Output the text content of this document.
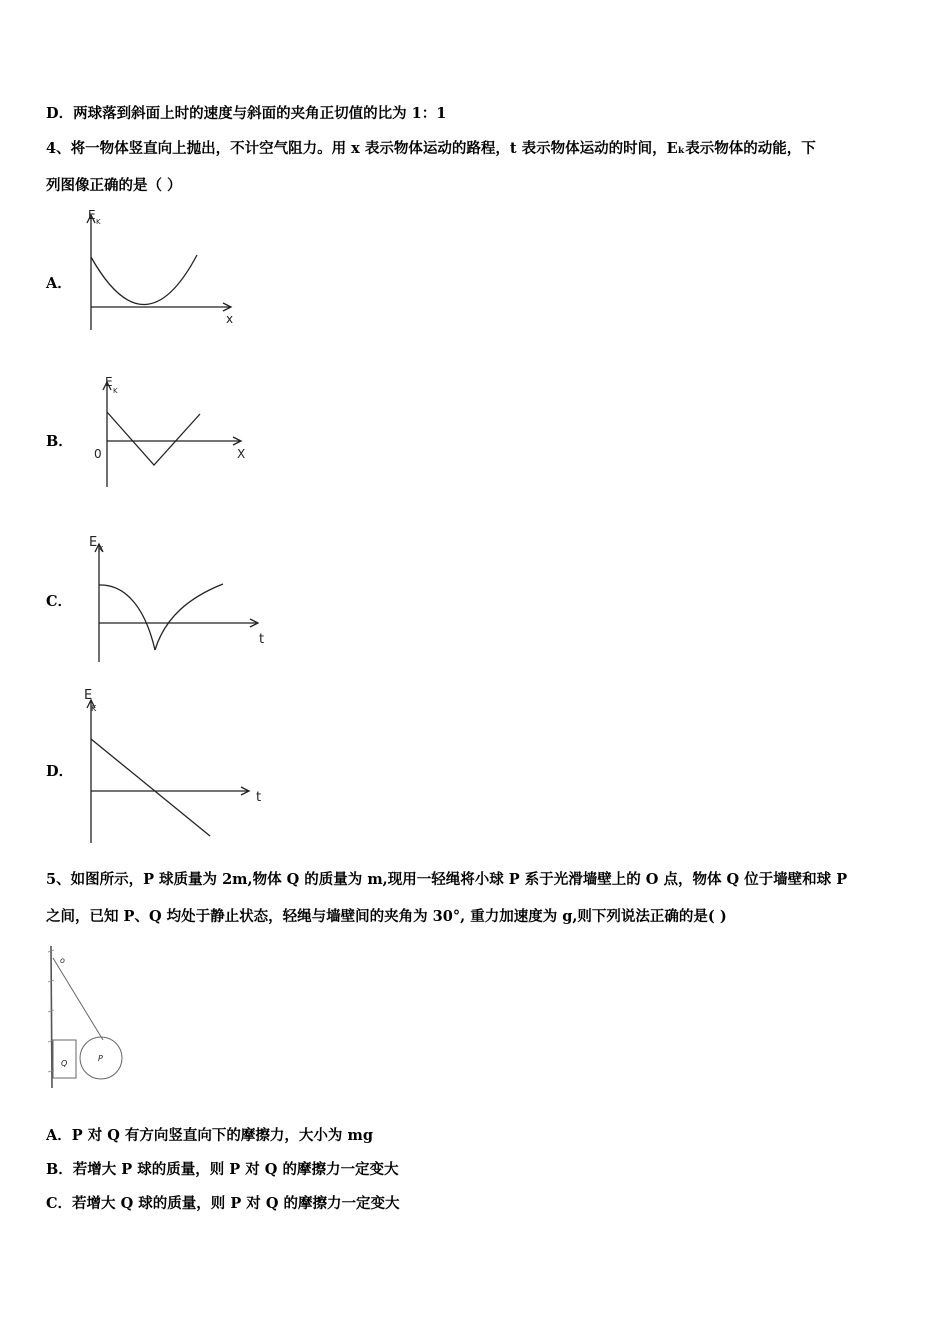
D．两球落到斜面上时的速度与斜面的夹角正切值的比为 1：1
4、将一物体竖直向上抛出，不计空气阻力。用 x 表示物体运动的路程，t 表示物体运动的时间，Eₖ表示物体的动能，下
列图像正确的是（ ）
A．
E K
x
B．
E
K
0	X
C．
E K
t
D．
E
K
t
5、如图所示，P 球质量为 2m,物体 Q 的质量为 m,现用一轻绳将小球 P 系于光滑墙壁上的 O 点，物体 Q 位于墙壁和球 P
之间，已知 P、Q 均处于静止状态，轻绳与墙壁间的夹角为 30°, 重力加速度为 g,则下列说法正确的是( )
o
Q
P
A．P 对 Q 有方向竖直向下的摩擦力，大小为 mg
B．若增大 P 球的质量，则 P 对 Q 的摩擦力一定变大
C．若增大 Q 球的质量，则 P 对 Q 的摩擦力一定变大
